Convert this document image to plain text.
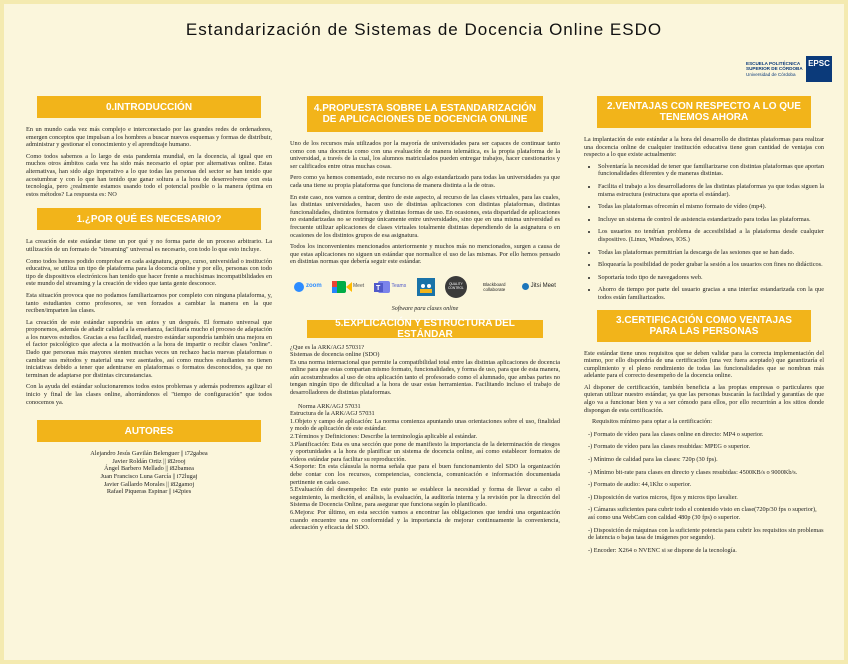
Estandarización de Sistemas de Docencia Online ESDO
ESCUELA POLITÉCNICA
SUPERIOR DE CÓRDOBA
Universidad de Córdoba
EPSC
0.INTRODUCCIÓN

En un mundo cada vez más complejo e interconectado por las grandes redes de ordenadores, emergen conceptos que impulsan a los hombres a buscar nuevos esquemas y formas de distribuir, administrar y gestionar el conocimiento y el aprendizaje humano.

Como todos sabemos a lo largo de esta pandemia mundial, en la docencia, al igual que en muchos otros ámbitos cada vez ha sido más necesario el optar por alternativas online. Estas alternativas, han sido algo imperativo a lo que todas las personas del sector se han tenido que acostumbrar y con lo que han tenido que ganar soltura a la hora de desenvolverse con esta tecnología, pero ¿realmente estamos usando todo el potencial posible o la manera óptima en estos métodos? La respuesta es: NO

1.¿POR QUÉ ES NECESARIO?

La creación de este estándar tiene un por qué y no forma parte de un proceso arbitrario. La utilización de un formato de "streaming" universal es necesario, con todo lo que esto incluye.

Como todos hemos podido comprobar en cada asignatura, grupo, curso, universidad o institución educativa, se utiliza un tipo de plataforma para la docencia online y por ello, personas con todo tipo de dispositivos electrónicos han tenido que hacer frente a muchísimas incompatibilidades en este mundo del streaming y la creación de vídeo que tanta gente desconoce.

Esta situación provoca que no podamos familiarizarnos por completo con ninguna plataforma, y, tanto estudiantes como profesores, se ven forzados a cambiar la manera en la que reciben/imparten las clases.

La creación de este estándar supondría un antes y un después. El formato universal que proponemos, además de añadir calidad a la enseñanza, facilitaría mucho el proceso de adaptación a los nuevos estudios. Gracias a esa facilidad, nuestro estándar supondría también una mejora en el factor psicológico que afecta a la motivación a la hora de impartir o recibir clases "online". Dado que personas más mayores sienten muchas veces un rechazo hacia nuevas plataformas o cambiar sus métodos y material una vez asentados, así como muchos estudiantes no tienen iniciativas debido a tener que adentrarse en plataformas o formatos desconocidos, ya que no terminan de adaptarse por distintas circunstancias.

Con la ayuda del estándar solucionaremos todos estos problemas y además podremos agilizar el inicio y final de las clases online, ahorrándonos el "tiempo de configuración" que todos conocemos ya.

AUTORES
Alejandro Jesús Gavilán Belenguer || i72gabea
Javier Roldán Ortiz || i82rooj
Ángel Barbero Mellado || i82bamea
Juan Francisco Luna García || i72lugaj
Javier Gallardo Morales || i82gamoj
Rafael Piqueras Espinar || i42pies
4.PROPUESTA SOBRE LA ESTANDARIZACIÓN DE APLICACIONES DE DOCENCIA ONLINE

Uno de los recursos más utilizados por la mayoría de universidades para ser capaces de continuar tanto como con una docencia como con una evaluación de manera telemática, es la propia plataforma de la universidad, a través de la cual, los alumnos matriculados pueden entregar trabajos, hacer cuestionarios y ser calificados entre otras muchas cosas.

Pero como ya hemos comentado, este recurso no es algo estandarizado para todas las universidades ya que cada una tiene su propia plataforma que funciona de manera distinta a la de otras.

En este caso, nos vamos a centrar, dentro de este aspecto, al recurso de las clases virtuales, para las cuales, las distintas universidades, hacen uso de distintas aplicaciones con distintas plataformas, distintas funcionalidades, distintos formatos y distintas formas de uso. En ocasiones, esta disparidad de aplicaciones no estandarizadas no se restringe únicamente entre universidades, sino que en una misma universidad es frecuente utilizar aplicaciones de clases virtuales totalmente distintas dependiendo de la asignatura o en ocasiones de los distintos grupos de esa asignatura.

Todos los inconvenientes mencionados anteriormente y muchos más no mencionados, surgen a causa de que estas aplicaciones no siguen un estándar que normalice el uso de las mismas. Por ello hemos pensado en distintas normas que debería seguir este estándar.

zoom	Meet T Teams	QUALITY CONTROL
Blackboard collaborate
Jitsi Meet
Software para clases online
5.EXPLICACIÓN Y ESTRUCTURA DEL ESTÁNDAR
¿Que es la ARK/AGJ 57031?
Sistemas de docencia online (SDO)

Es una norma internacional que permite la compatibilidad total entre las distintas aplicaciones de docencia online para que estas compartan mismo formato, funcionalidades, y forma de uso, para que de esta manera, aún acostumbrados al uso de otra aplicación tanto el profesorado como el alumnado, que ambas partes no tengan ningún tipo de dificultad a la hora de usar estas herramientas. Facilitando incluso el trabajo de desarrolladores de distintas plataformas.

Norma ARK/AGJ 57031
Estructura de la ARK/AGJ 57031
1.Objeto y campo de aplicación: La norma comienza apuntando unas orientaciones sobre el uso, finalidad y modo de aplicación de este estándar.
2.Términos y Definiciones: Describe la terminología aplicable al estándar.
3.Planificación: Esta es una sección que pone de manifiesto la importancia de la determinación de riesgos y oportunidades a la hora de planificar un sistema de docencia online, así como establecer formatos de vídeos estándar para facilitar su reproducción.
4.Soporte: En esta cláusula la norma señala que para el buen funcionamiento del SDO la organización debe contar con los recursos, competencias, conciencia, comunicación e información documentada pertinente en cada caso.
5.Evaluación del desempeño: En este punto se establece la necesidad y forma de llevar a cabo el seguimiento, la medición, el análisis, la evaluación, la auditoría interna y la revisión por la dirección del Sistema de Docencia Online, para asegurar que funciona según lo planificado.
6.Mejora: Por último, en esta sección vamos a encontrar las obligaciones que tendrá una organización cuando encuentre una no conformidad y la importancia de mejorar continuamente la conveniencia, adecuación y eficacia del SDO.
2.VENTAJAS CON RESPECTO A LO QUE TENEMOS AHORA

La implantación de este estándar a la hora del desarrollo de distintas plataformas para realizar una docencia online de cualquier institución educativa tiene gran cantidad de ventajas con respecto a lo que existe actualmente:

• Solventaría la necesidad de tener que familiarizarse con distintas plataformas que aportan funcionalidades diferentes y de maneras distintas.
• Facilita el trabajo a los desarrolladores de las distintas plataformas ya que todas siguen la misma estructura (estructura que aporta el estándar).
• Todas las plataformas ofrecerán el mismo formato de vídeo (mp4).
• Incluye un sistema de control de asistencia estandarizado para todas las plataformas.
• Los usuarios no tendrían problema de accesibilidad a la plataforma desde cualquier dispositivo. (Linux, Windows, IOS.)
• Todas las plataformas permitirían la descarga de las sesiones que se han dado.
• Bloquearía la posibilidad de poder grabar la sesión a los usuarios con fines no didácticos.
• Soportaría todo tipo de navegadores web.
• Ahorro de tiempo por parte del usuario gracias a una interfaz estandarizada con la que todos están familiarizados.
3.CERTIFICACIÓN COMO VENTAJAS PARA LAS PERSONAS

Este estándar tiene unos requisitos que se deben validar para la correcta implementación del mismo, por ello dispondría de una certificación (una vez fuera aceptado) que garantizaría el cumplimiento y el pleno rendimiento de todas las funcionalidades que se nombran más adelante para el correcto desempeño de la docencia online.

Al disponer de certificación, también beneficia a las propias empresas o particulares que quieran utilizar nuestro estándar, ya que las personas buscarán la facilidad y garantías de que algo va a funcionar bien y va a ser cómodo para ellos, por ello recurrirán a los sitios donde dispongan de esta certificación.

Requisitos mínimo para optar a la certificación:
-) Formato de vídeo para las clases online en directo: MP4 o superior.
-) Formato de vídeo para las clases resubidas: MPEG o superior.
-) Mínimo de calidad para las clases: 720p (30 fps).
-) Mínimo bit-rate para clases en directo y clases resubidas: 4500KB/s o 9000Kb/s.
-) Formato de audio: 44,1Khz o superior.
-) Disposición de varios micros, fijos y micros tipo lavalier.
-) Cámaras suficientes para cubrir todo el contenido visto en clase(720p/30 fps o superior), así como una WebCam con calidad 480p (30 fps) o superior.
-) Disposición de máquinas con la suficiente potencia para cubrir los requisitos sin problemas de latencia o bajas tasa de imágenes por segundo).
-) Encoder: X264 o NVENC si se dispone de la tecnología.
